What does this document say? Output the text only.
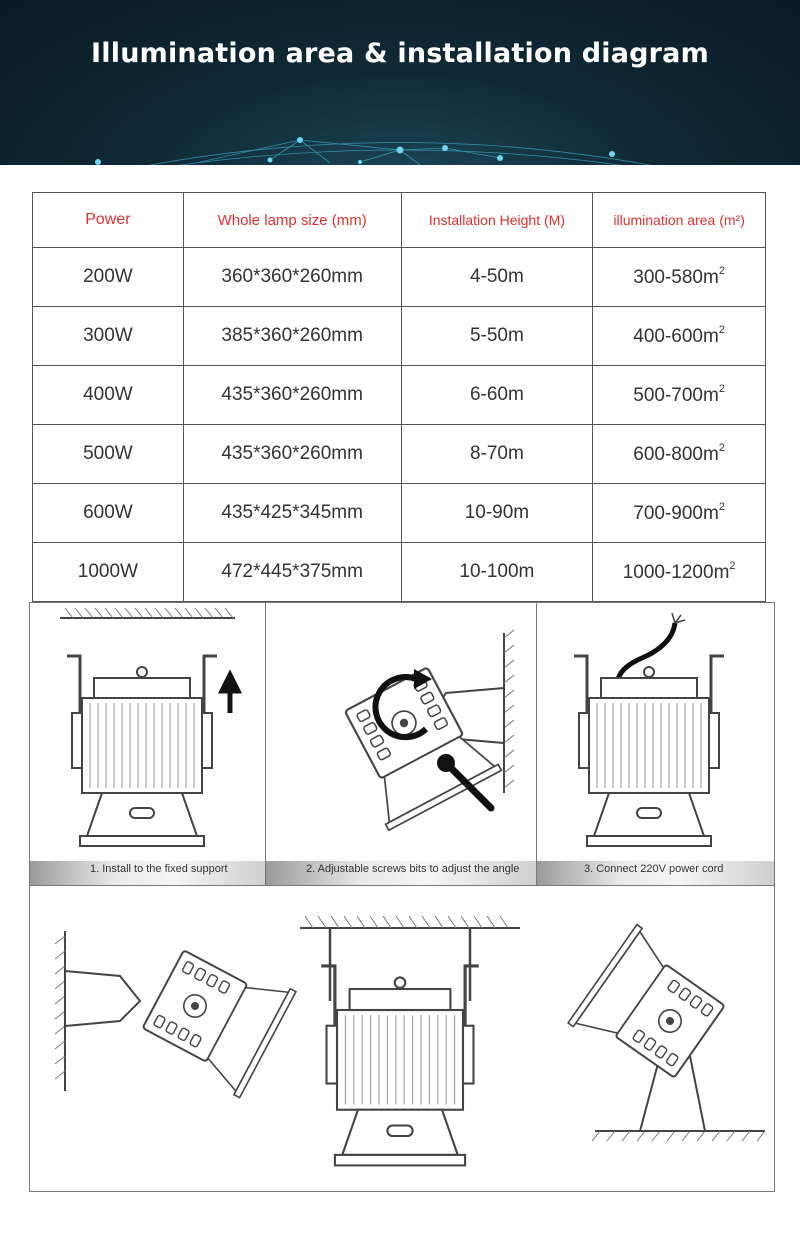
Illumination area & installation diagram
Power	Whole lamp size (mm)	Installation Height (M)	illumination area (m²)
200W	360*360*260mm	4-50m	$300-580m^2$
300W	385*360*260mm	5-50m	$400-600m^2$
400W	435*360*260mm	6-60m	$500-700m^2$
500W	435*360*260mm	8-70m	$600-800m^2$
600W	435*425*345mm	10-90m	$700-900m^2$
1000W	472*445*375mm	10-100m	$1000-1200m^2$
1. Install to the fixed support	2. Adjustable screws bits to adjust the angle	3. Connect 220V power cord
